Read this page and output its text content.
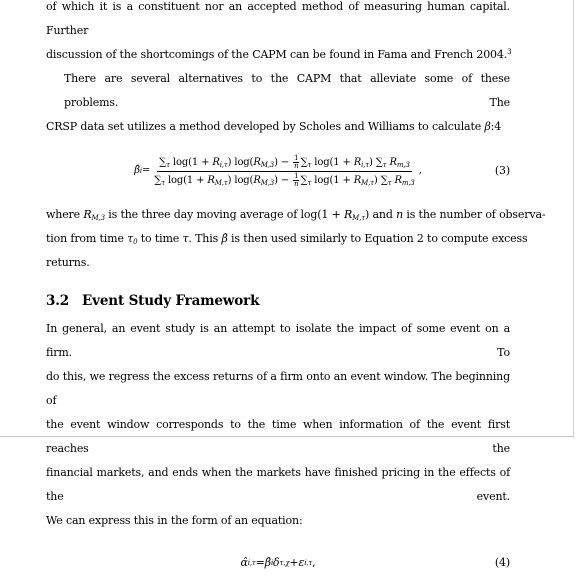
of which it is a constituent nor an accepted method of measuring human capital. Further
discussion of the shortcomings of the CAPM can be found in Fama and French 2004.$^3$

There are several alternatives to the CAPM that alleviate some of these problems. The
CRSP data set utilizes a method developed by Scholes and Williams to calculate β:4

β̂ $i = \frac{\sum_\tau \log(1 + R_{i,\tau}) \log(R_{M,3}) - \frac{1}{n} \sum_\tau \log(1 + R_{i,\tau}) \sum_\tau R_{m,3}}{\sum_\tau \log(1 + R_{M,\tau}) \log(R_{M,3}) - \frac{1}{n} \sum_\tau \log(1 + R_{M,\tau}) \sum_\tau R_{m,3}}$ ,	(3)

where $R_{M,3}$ is the three day moving average of $\log(1 + R_{M,\tau})$ and n is the number of observa-
tion from time $\tau_0$ to time τ. This β̂ is then used similarly to Equation 2 to compute excess
returns.

3.2 Event Study Framework

In general, an event study is an attempt to isolate the impact of some event on a firm. To
do this, we regress the excess returns of a firm onto an event window. The beginning of
the event window corresponds to the time when information of the event first reaches the
financial markets, and ends when the markets have finished pricing in the effects of the event.
We can express this in the form of an equation:

α̂ i,τ = β̂ i δ τ,χ + ε i,τ ,	(4)
